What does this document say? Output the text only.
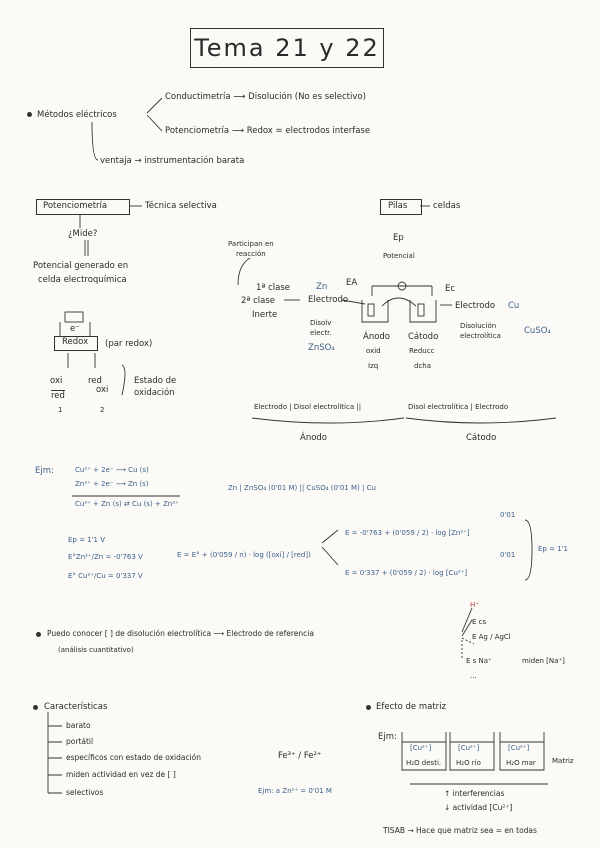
Tema 21 y 22
Métodos eléctricos
Conductimetría ⟶ Disolución (No es selectivo)
Potenciometría ⟶ Redox = electrodos interfase
ventaja → instrumentación barata
Potenciometría	Técnica selectiva
¿Mide?
Potencial generado en
celda electroquímica
e⁻
Redox (par redox)
oxi
red
red
oxi
1	2
Estado de
oxidación
Pilas	celdas
Ep
Potencial
Participan en
reacción
1ª clase
2ª clase
Inerte
Zn
Electrodo
EA
Ec
Electrodo Cu
Disolv
electr.
ZnSO₄
Ánodo
oxid
Izq
Cátodo
Reducc
dcha
Disolución
electrolítica	CuSO₄
Electrodo | Disol electrolítica ||	Disol electrolítica | Electrodo
Ánodo	Cátodo
Ejm:	Cu²⁺ + 2e⁻ ⟶ Cu (s)
Zn²⁺ + 2e⁻ ⟶ Zn (s)
Cu²⁺ + Zn (s) ⇄ Cu (s) + Zn²⁺
Zn | ZnSO₄ (0'01 M) || CuSO₄ (0'01 M) | Cu
Ep = 1'1 V
E°Zn²⁺/Zn = -0'763 V
E° Cu²⁺/Cu = 0'337 V
E = E° + (0'059 / n) · log ([oxi] / [red])
E = -0'763 + (0'059 / 2) · log [Zn²⁺]
E = 0'337 + (0'059 / 2) · log [Cu²⁺]
0'01
0'01
Ep = 1'1
Puedo conocer [ ] de disolución electrolítica ⟶ Electrodo de referencia
(análisis cuantitativo)
H⁺
E cs
E Ag / AgCl
E s Na⁺	miden [Na⁺]
...
Características
barato
portátil
específicos con estado de oxidación
miden actividad en vez de [ ]
selectivos
Fe³⁺ / Fe²⁺
Ejm: a Zn²⁺ = 0'01 M
Efecto de matriz
Ejm:
[Cu²⁺]	[Cu²⁺]	[Cu²⁺]
H₂O desti. H₂O río	H₂O mar Matriz
↑ interferencias
↓ actividad [Cu²⁺]
TISAB → Hace que matriz sea = en todas
